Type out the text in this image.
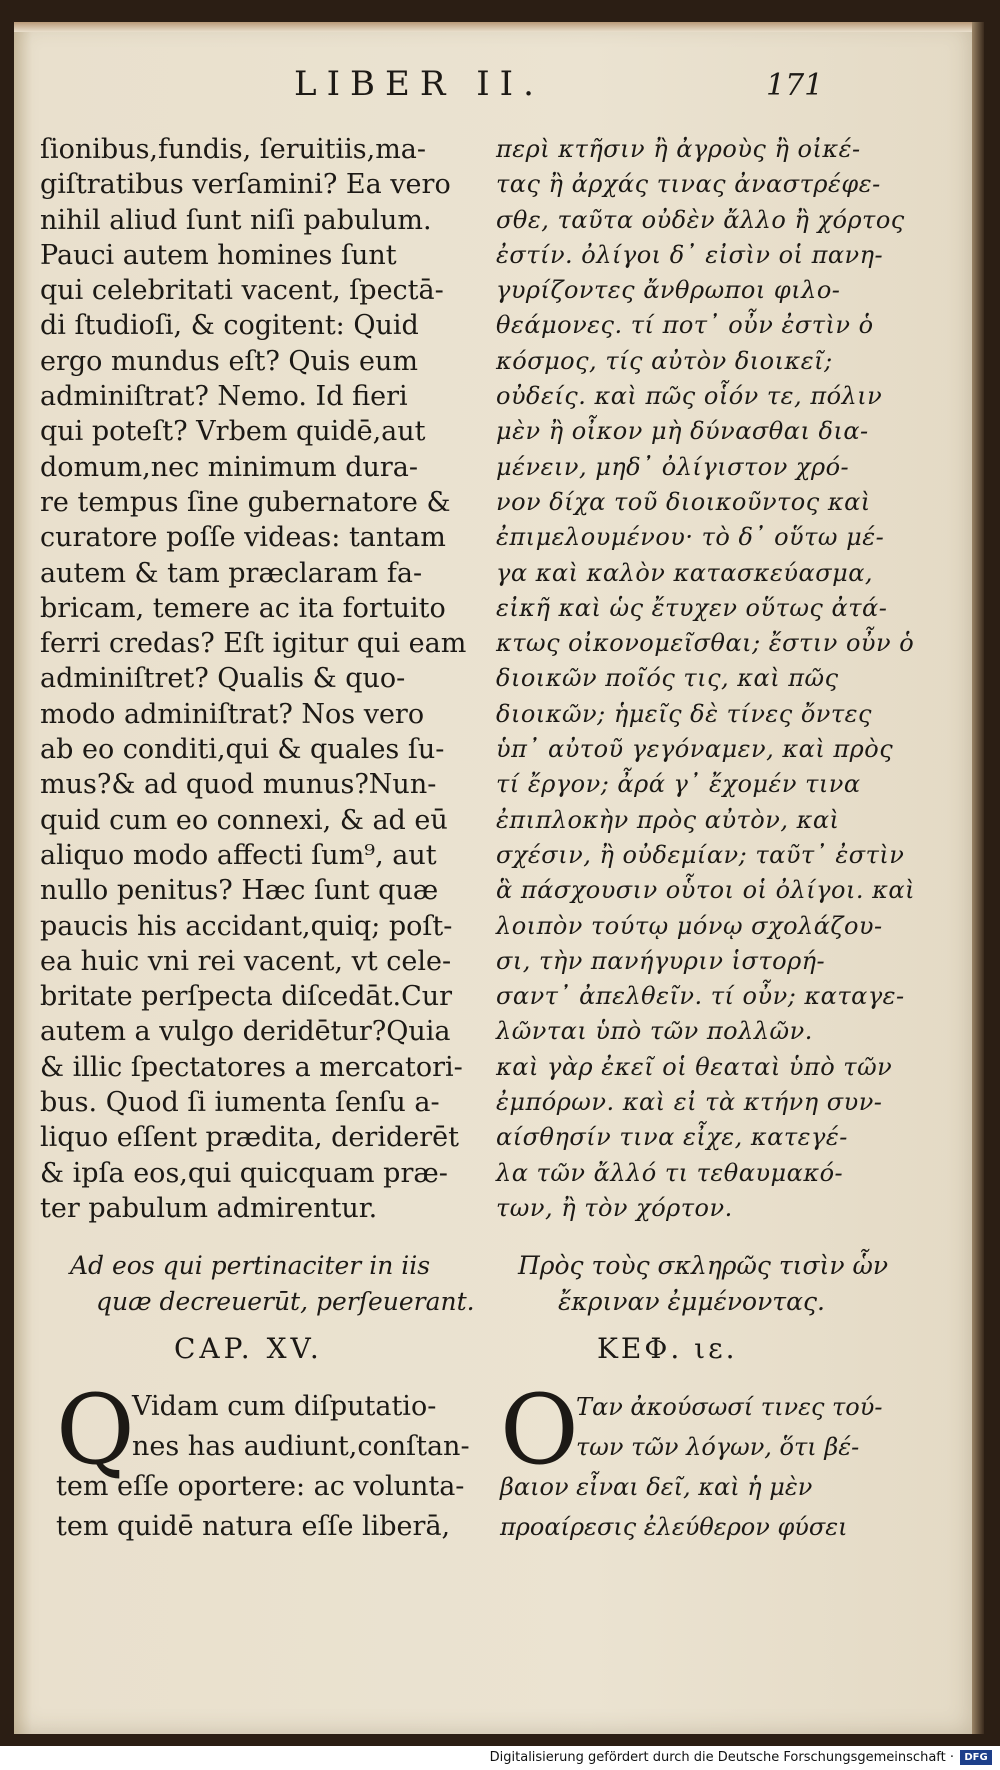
LIBER II.	171
ſionibus,fundis, ſeruitiis,ma-
giſtratibus verſamini? Ea vero
nihil aliud ſunt niſi pabulum.
Pauci autem homines ſunt
qui celebritati vacent, ſpectā-
di ſtudioſi, & cogitent: Quid
ergo mundus eſt? Quis eum
adminiſtrat? Nemo. Id fieri
qui poteſt? Vrbem quidē,aut
domum,nec minimum dura-
re tempus ſine gubernatore &
curatore poſſe videas: tantam
autem & tam præclaram fa-
bricam, temere ac ita fortuito
ferri credas? Eſt igitur qui eam
adminiſtret? Qualis & quo-
modo adminiſtrat? Nos vero
ab eo conditi,qui & quales ſu-
mus?& ad quod munus?Nun-
quid cum eo connexi, & ad eū
aliquo modo affecti ſum⁹, aut
nullo penitus? Hæc ſunt quæ
paucis his accidant,quiq; poſt-
ea huic vni rei vacent, vt cele-
britate perſpecta diſcedāt.Cur
autem a vulgo deridētur?Quia
& illic ſpectatores a mercatori-
bus. Quod ſi iumenta ſenſu a-
liquo eſſent prædita, deriderēt
& ipſa eos,qui quicquam præ-
ter pabulum admirentur.
περὶ κτῆσιν ἢ ἀγροὺς ἢ οἰκέ-
τας ἢ ἀρχάς τινας ἀναστρέφε-
σθε, ταῦτα οὐδὲν ἄλλο ἢ χόρτος
ἐστίν. ὀλίγοι δ᾽ εἰσὶν οἱ πανη-
γυρίζοντες ἄνθρωποι φιλο-
θεάμονες. τί ποτ᾽ οὖν ἐστὶν ὁ
κόσμος, τίς αὐτὸν διοικεῖ;
οὐδείς. καὶ πῶς οἷόν τε, πόλιν
μὲν ἢ οἶκον μὴ δύνασθαι δια-
μένειν, μηδ᾽ ὀλίγιστον χρό-
νον δίχα τοῦ διοικοῦντος καὶ
ἐπιμελουμένου· τὸ δ᾽ οὕτω μέ-
γα καὶ καλὸν κατασκεύασμα,
εἰκῆ καὶ ὡς ἔτυχεν οὕτως ἀτά-
κτως οἰκονομεῖσθαι; ἔστιν οὖν ὁ
διοικῶν ποῖός τις, καὶ πῶς
διοικῶν; ἡμεῖς δὲ τίνες ὄντες
ὑπ᾽ αὐτοῦ γεγόναμεν, καὶ πρὸς
τί ἔργον; ἆρά γ᾽ ἔχομέν τινα
ἐπιπλοκὴν πρὸς αὐτὸν, καὶ
σχέσιν, ἢ οὐδεμίαν; ταῦτ᾽ ἐστὶν
ἃ πάσχουσιν οὗτοι οἱ ὀλίγοι. καὶ
λοιπὸν τούτῳ μόνῳ σχολάζου-
σι, τὴν πανήγυριν ἱστορή-
σαντ᾽ ἀπελθεῖν. τί οὖν; καταγε-
λῶνται ὑπὸ τῶν πολλῶν.
καὶ γὰρ ἐκεῖ οἱ θεαταὶ ὑπὸ τῶν
ἐμπόρων. καὶ εἰ τὰ κτήνη συν-
αίσθησίν τινα εἶχε, κατεγέ-
λα τῶν ἄλλό τι τεθαυμακό-
των, ἢ τὸν χόρτον.
Ad eos qui pertinaciter in iis
quæ decreuerūt, perſeuerant.
Πρὸς τοὺς σκληρῶς τισὶν ὧν
ἔκριναν ἐμμένοντας.
CAP. XV.	ΚΕΦ. ιε.
Q	Ο
Vidam cum diſputatio-
nes has audiunt,conſtan-
tem eſſe oportere: ac volunta-
tem quidē natura eſſe liberā,
Ταν ἀκούσωσί τινες τού-
των τῶν λόγων, ὅτι βέ-
βαιον εἶναι δεῖ, καὶ ἡ μὲν
προαίρεσις ἐλεύθερον φύσει
Digitalisierung gefördert durch die Deutsche Forschungsgemeinschaft ·	DFG
